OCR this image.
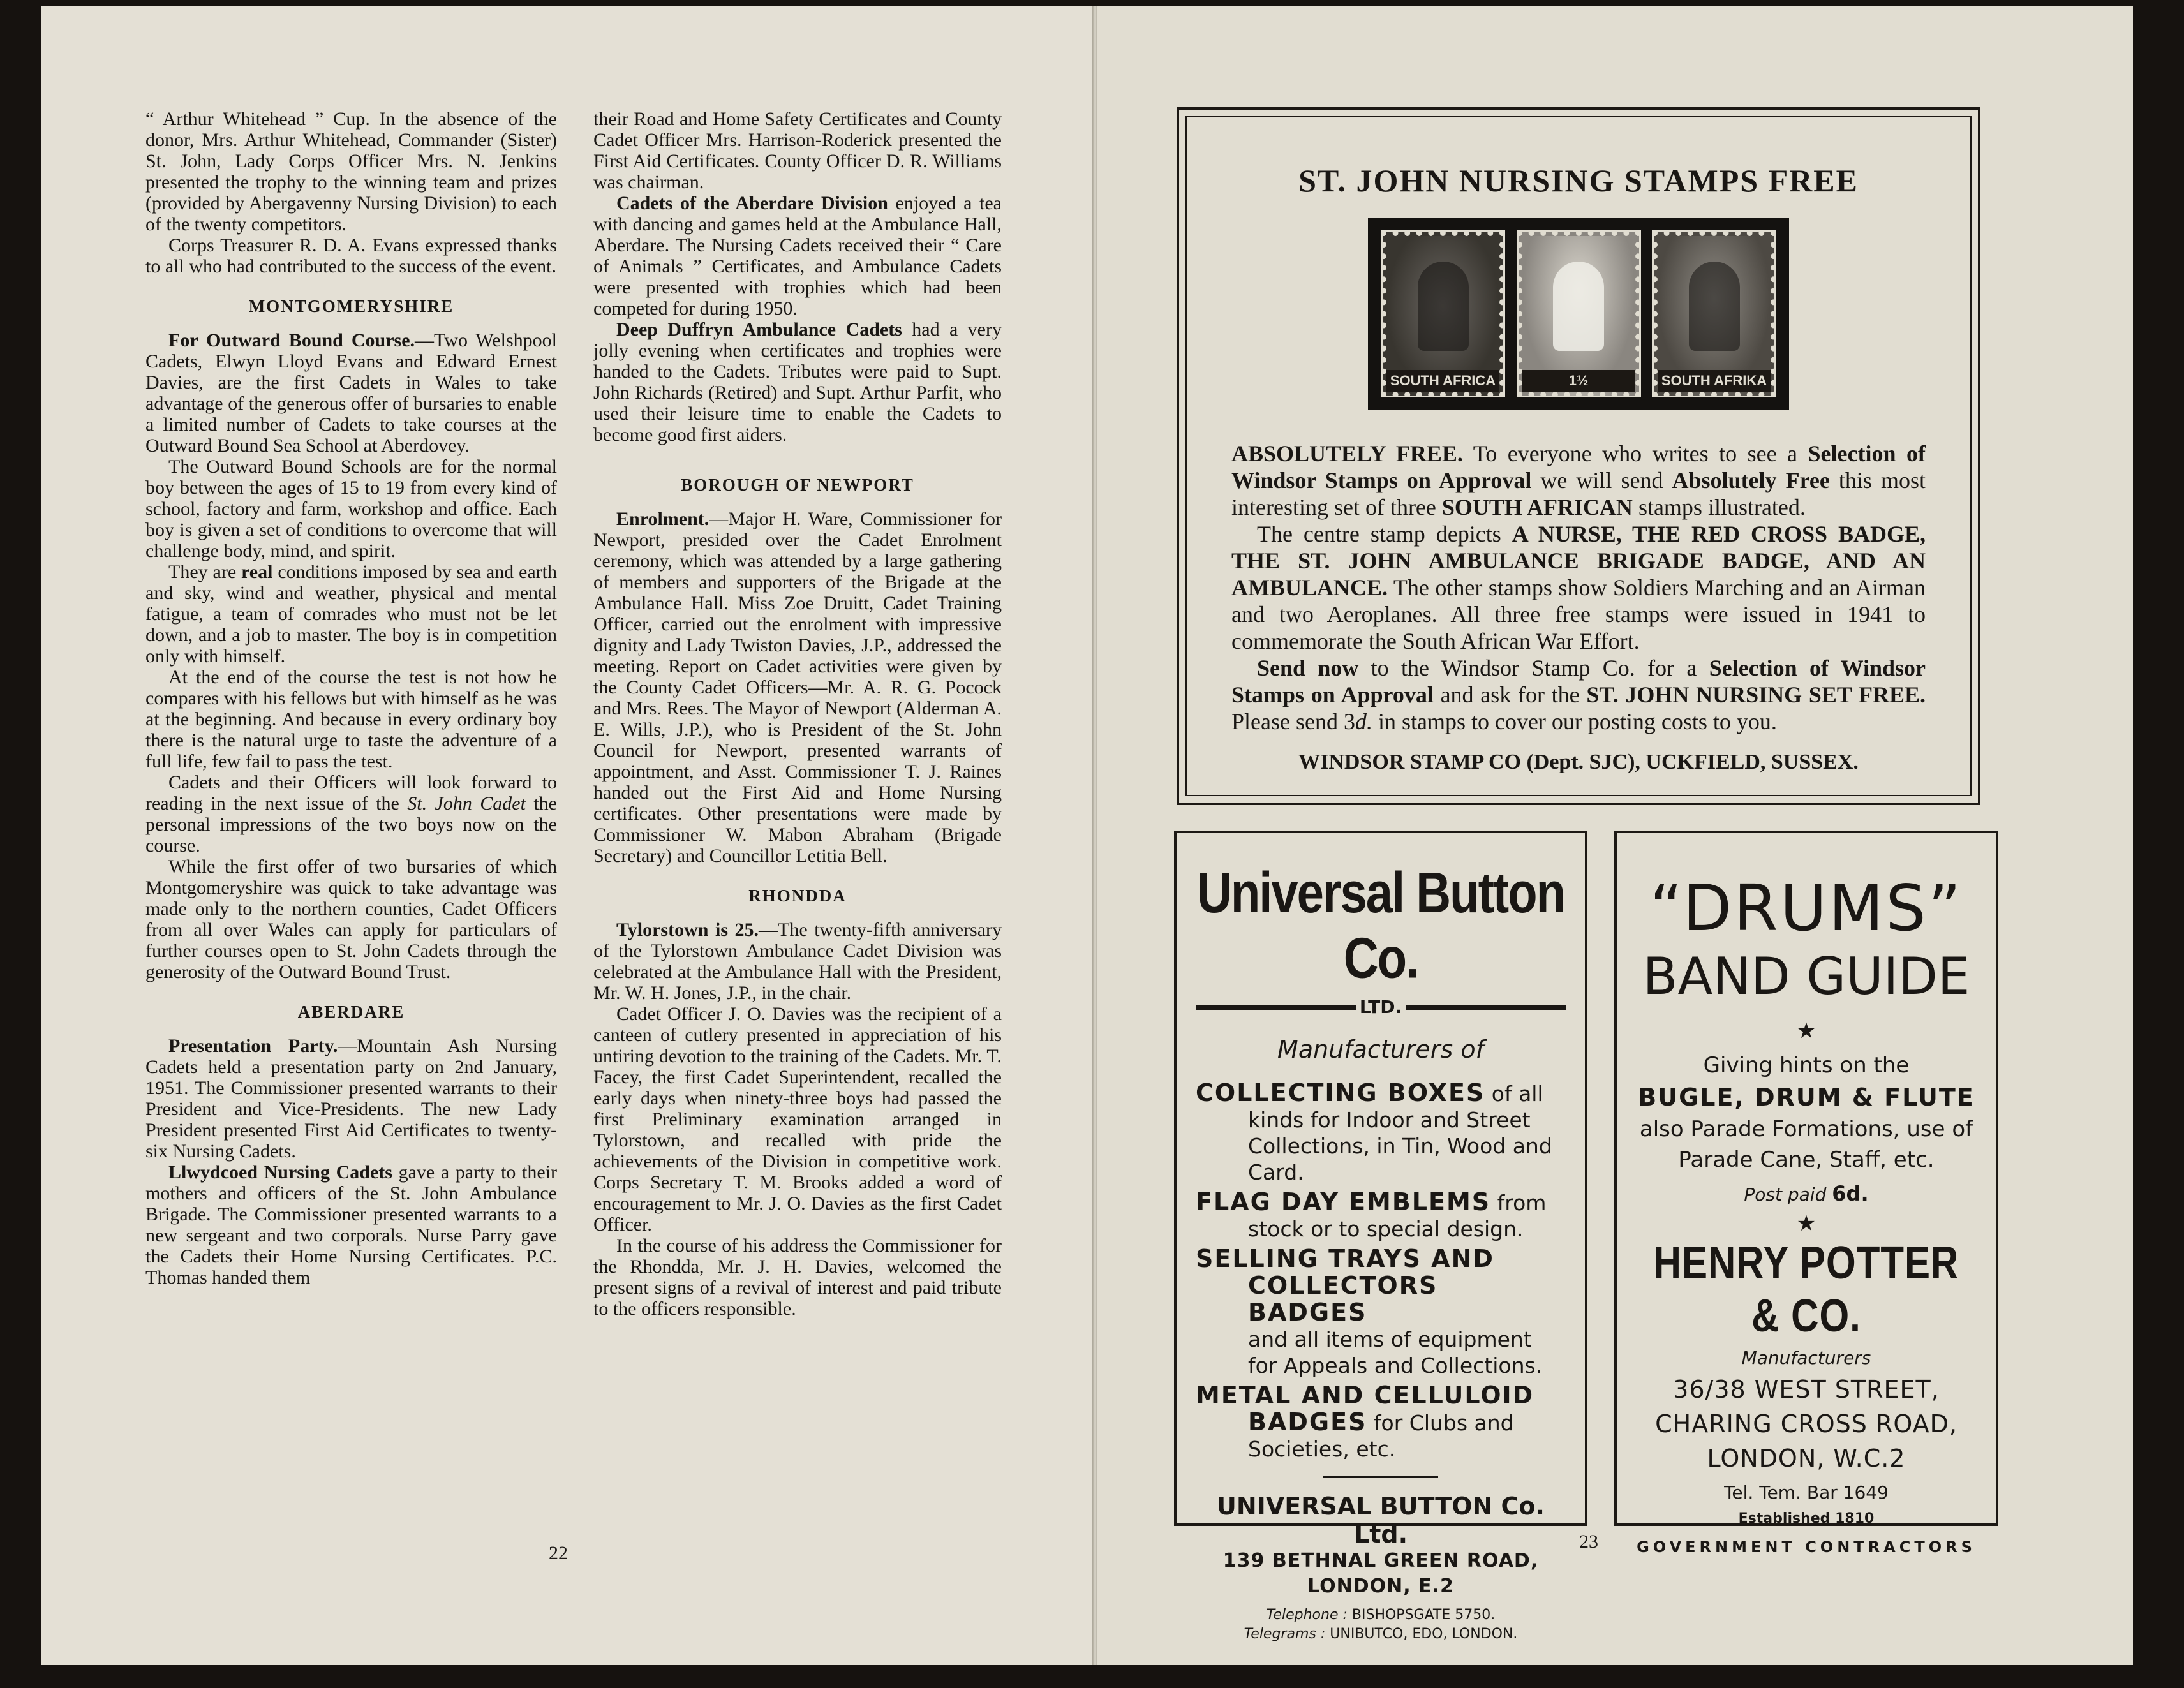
“ Arthur Whitehead ” Cup. In the absence of the donor, Mrs. Arthur Whitehead, Commander (Sister) St. John, Lady Corps Officer Mrs. N. Jenkins presented the trophy to the winning team and prizes (provided by Abergavenny Nursing Division) to each of the twenty competitors.

Corps Treasurer R. D. A. Evans expressed thanks to all who had contributed to the success of the event.

MONTGOMERYSHIRE

For Outward Bound Course.—Two Welshpool Cadets, Elwyn Lloyd Evans and Edward Ernest Davies, are the first Cadets in Wales to take advantage of the generous offer of bursaries to enable a limited number of Cadets to take courses at the Outward Bound Sea School at Aberdovey.

The Outward Bound Schools are for the normal boy between the ages of 15 to 19 from every kind of school, factory and farm, workshop and office. Each boy is given a set of conditions to overcome that will challenge body, mind, and spirit.

They are real conditions imposed by sea and earth and sky, wind and weather, physical and mental fatigue, a team of comrades who must not be let down, and a job to master. The boy is in competition only with himself.

At the end of the course the test is not how he compares with his fellows but with himself as he was at the beginning. And because in every ordinary boy there is the natural urge to taste the adventure of a full life, few fail to pass the test.

Cadets and their Officers will look forward to reading in the next issue of the St. John Cadet the personal impressions of the two boys now on the course.

While the first offer of two bursaries of which Montgomeryshire was quick to take advantage was made only to the northern counties, Cadet Officers from all over Wales can apply for particulars of further courses open to St. John Cadets through the generosity of the Outward Bound Trust.

ABERDARE

Presentation Party.—Mountain Ash Nursing Cadets held a presentation party on 2nd January, 1951. The Commissioner presented warrants to their President and Vice-Presidents. The new Lady President presented First Aid Certificates to twenty-six Nursing Cadets.

Llwydcoed Nursing Cadets gave a party to their mothers and officers of the St. John Ambulance Brigade. The Commissioner presented warrants to a new sergeant and two corporals. Nurse Parry gave the Cadets their Home Nursing Certificates. P.C. Thomas handed them

their Road and Home Safety Certificates and County Cadet Officer Mrs. Harrison-Roderick presented the First Aid Certificates. County Officer D. R. Williams was chairman.

Cadets of the Aberdare Division enjoyed a tea with dancing and games held at the Ambulance Hall, Aberdare. The Nursing Cadets received their “ Care of Animals ” Certificates, and Ambulance Cadets were presented with trophies which had been competed for during 1950.

Deep Duffryn Ambulance Cadets had a very jolly evening when certificates and trophies were handed to the Cadets. Tributes were paid to Supt. John Richards (Retired) and Supt. Arthur Parfit, who used their leisure time to enable the Cadets to become good first aiders.

BOROUGH OF NEWPORT

Enrolment.—Major H. Ware, Commissioner for Newport, presided over the Cadet Enrolment ceremony, which was attended by a large gathering of members and supporters of the Brigade at the Ambulance Hall. Miss Zoe Druitt, Cadet Training Officer, carried out the enrolment with impressive dignity and Lady Twiston Davies, J.P., addressed the meeting. Report on Cadet activities were given by the County Cadet Officers—Mr. A. R. G. Pocock and Mrs. Rees. The Mayor of Newport (Alderman A. E. Wills, J.P.), who is President of the St. John Council for Newport, presented warrants of appointment, and Asst. Commissioner T. J. Raines handed out the First Aid and Home Nursing certificates. Other presentations were made by Commissioner W. Mabon Abraham (Brigade Secretary) and Councillor Letitia Bell.

RHONDDA

Tylorstown is 25.—The twenty-fifth anniversary of the Tylorstown Ambulance Cadet Division was celebrated at the Ambulance Hall with the President, Mr. W. H. Jones, J.P., in the chair.

Cadet Officer J. O. Davies was the recipient of a canteen of cutlery presented in appreciation of his untiring devotion to the training of the Cadets. Mr. T. Facey, the first Cadet Superintendent, recalled the early days when ninety-three boys had passed the first Preliminary examination arranged in Tylorstown, and recalled with pride the achievements of the Division in competitive work. Corps Secretary T. M. Brooks added a word of encouragement to Mr. J. O. Davies as the first Cadet Officer.

In the course of his address the Commissioner for the Rhondda, Mr. J. H. Davies, welcomed the present signs of a revival of interest and paid tribute to the officers responsible.

22
ST. JOHN NURSING STAMPS FREE
SOUTH AFRICA	1½	SOUTH AFRIKA

ABSOLUTELY FREE. To everyone who writes to see a Selection of Windsor Stamps on Approval we will send Absolutely Free this most interesting set of three SOUTH AFRICAN stamps illustrated.

The centre stamp depicts A NURSE, THE RED CROSS BADGE, THE ST. JOHN AMBULANCE BRIGADE BADGE, AND AN AMBULANCE. The other stamps show Soldiers Marching and an Airman and two Aeroplanes. All three free stamps were issued in 1941 to commemorate the South African War Effort.

Send now to the Windsor Stamp Co. for a Selection of Windsor Stamps on Approval and ask for the ST. JOHN NURSING SET FREE. Please send 3d. in stamps to cover our posting costs to you.

WINDSOR STAMP CO (Dept. SJC), UCKFIELD, SUSSEX.

Universal Button Co.
LTD.
Manufacturers of
COLLECTING BOXES of all
kinds for Indoor and Street Collections, in Tin, Wood and Card.
FLAG DAY EMBLEMS from
stock or to special design.
SELLING TRAYS AND
COLLECTORS BADGES
and all items of equipment for Appeals and Collections.
METAL AND CELLULOID
BADGES for Clubs and Societies, etc.
UNIVERSAL BUTTON Co. Ltd.
139 BETHNAL GREEN ROAD,
LONDON, E.2
Telephone : BISHOPSGATE 5750.
Telegrams : UNIBUTCO, EDO, LONDON.
“DRUMS”
BAND GUIDE
★
Giving hints on the
BUGLE, DRUM & FLUTE
also Parade Formations, use of
Parade Cane, Staff, etc.
Post paid 6d.
★
HENRY POTTER & CO.
Manufacturers
36/38 WEST STREET,
CHARING CROSS ROAD,
LONDON, W.C.2
Tel. Tem. Bar 1649
Established 1810
GOVERNMENT CONTRACTORS
23
